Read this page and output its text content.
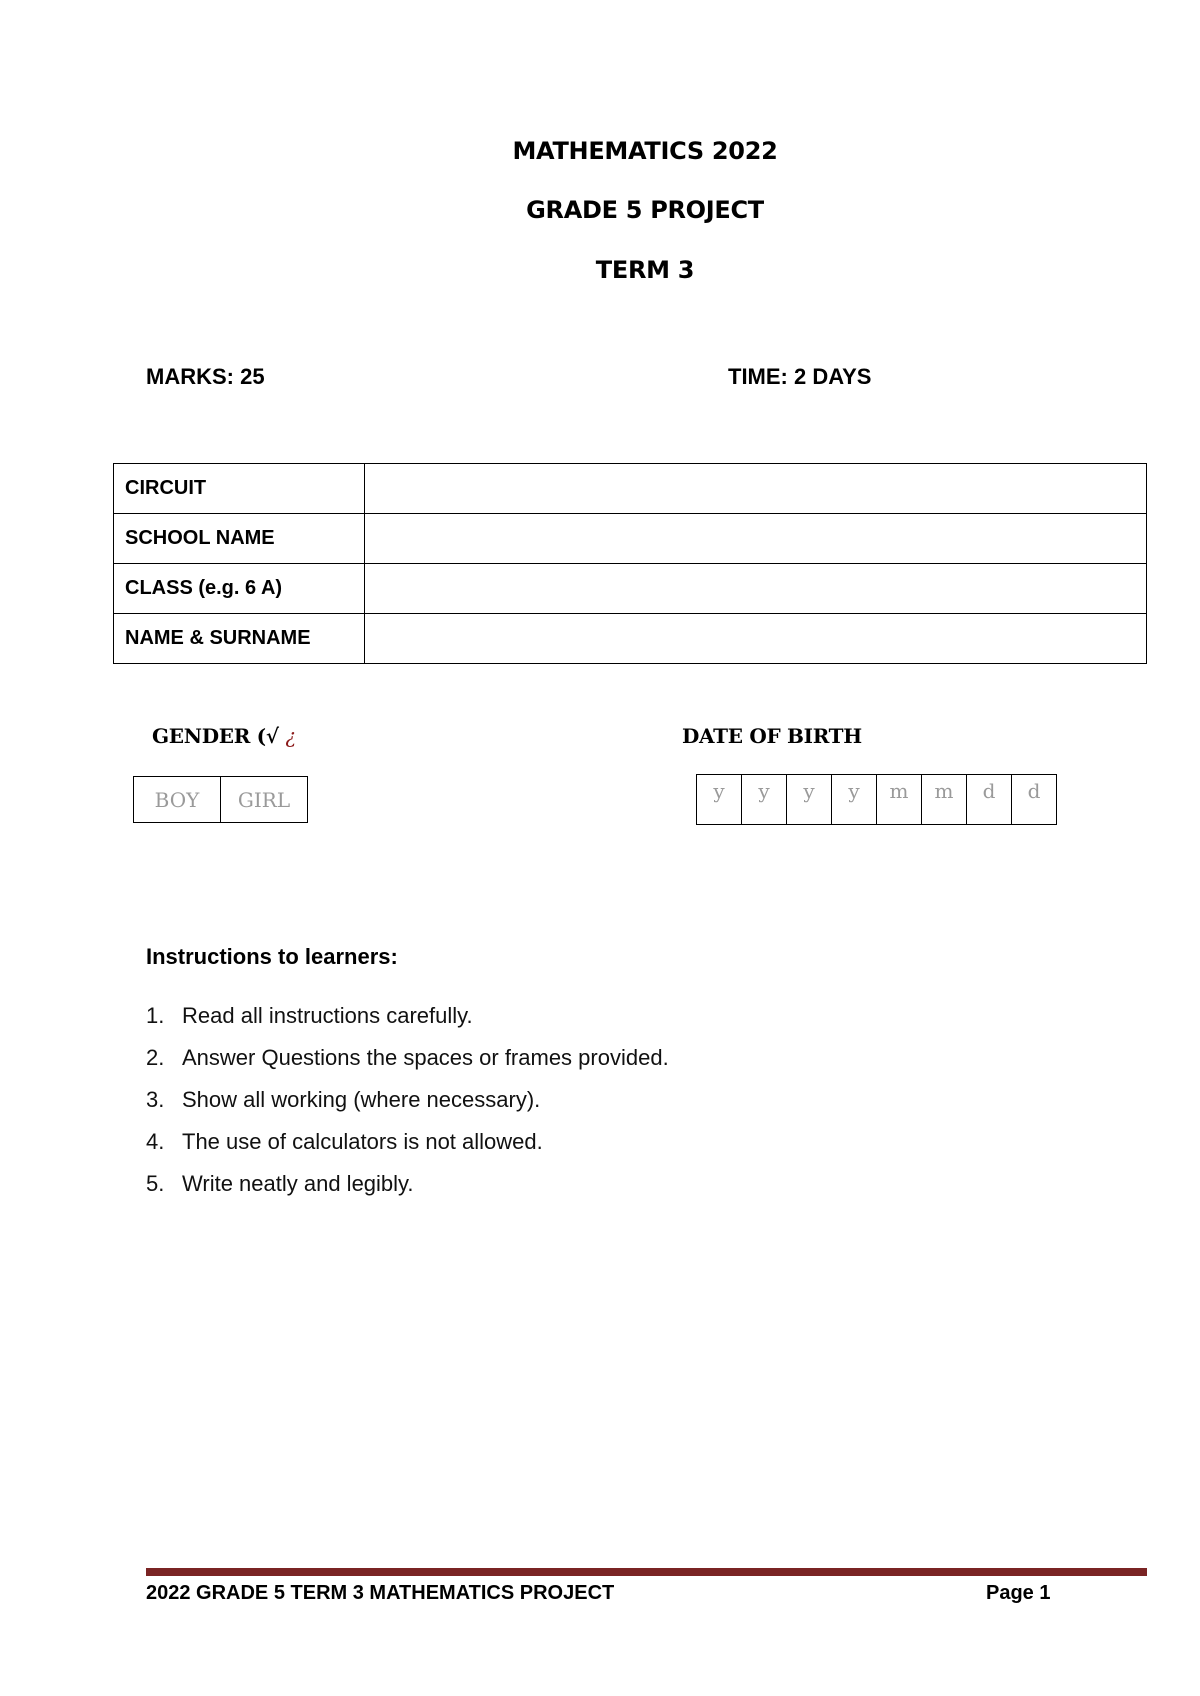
MATHEMATICS 2022
GRADE 5 PROJECT
TERM 3
MARKS: 25	TIME: 2 DAYS
CIRCUIT	
SCHOOL NAME	
CLASS (e.g. 6 A)	
NAME & SURNAME	
GENDER (√ ¿
BOY	GIRL
DATE OF BIRTH
y	y	y	y	m	m	d	d
Instructions to learners:
1. Read all instructions carefully.
2. Answer Questions the spaces or frames provided.
3. Show all working (where necessary).
4. The use of calculators is not allowed.
5. Write neatly and legibly.
2022 GRADE 5 TERM 3 MATHEMATICS PROJECT	Page 1
